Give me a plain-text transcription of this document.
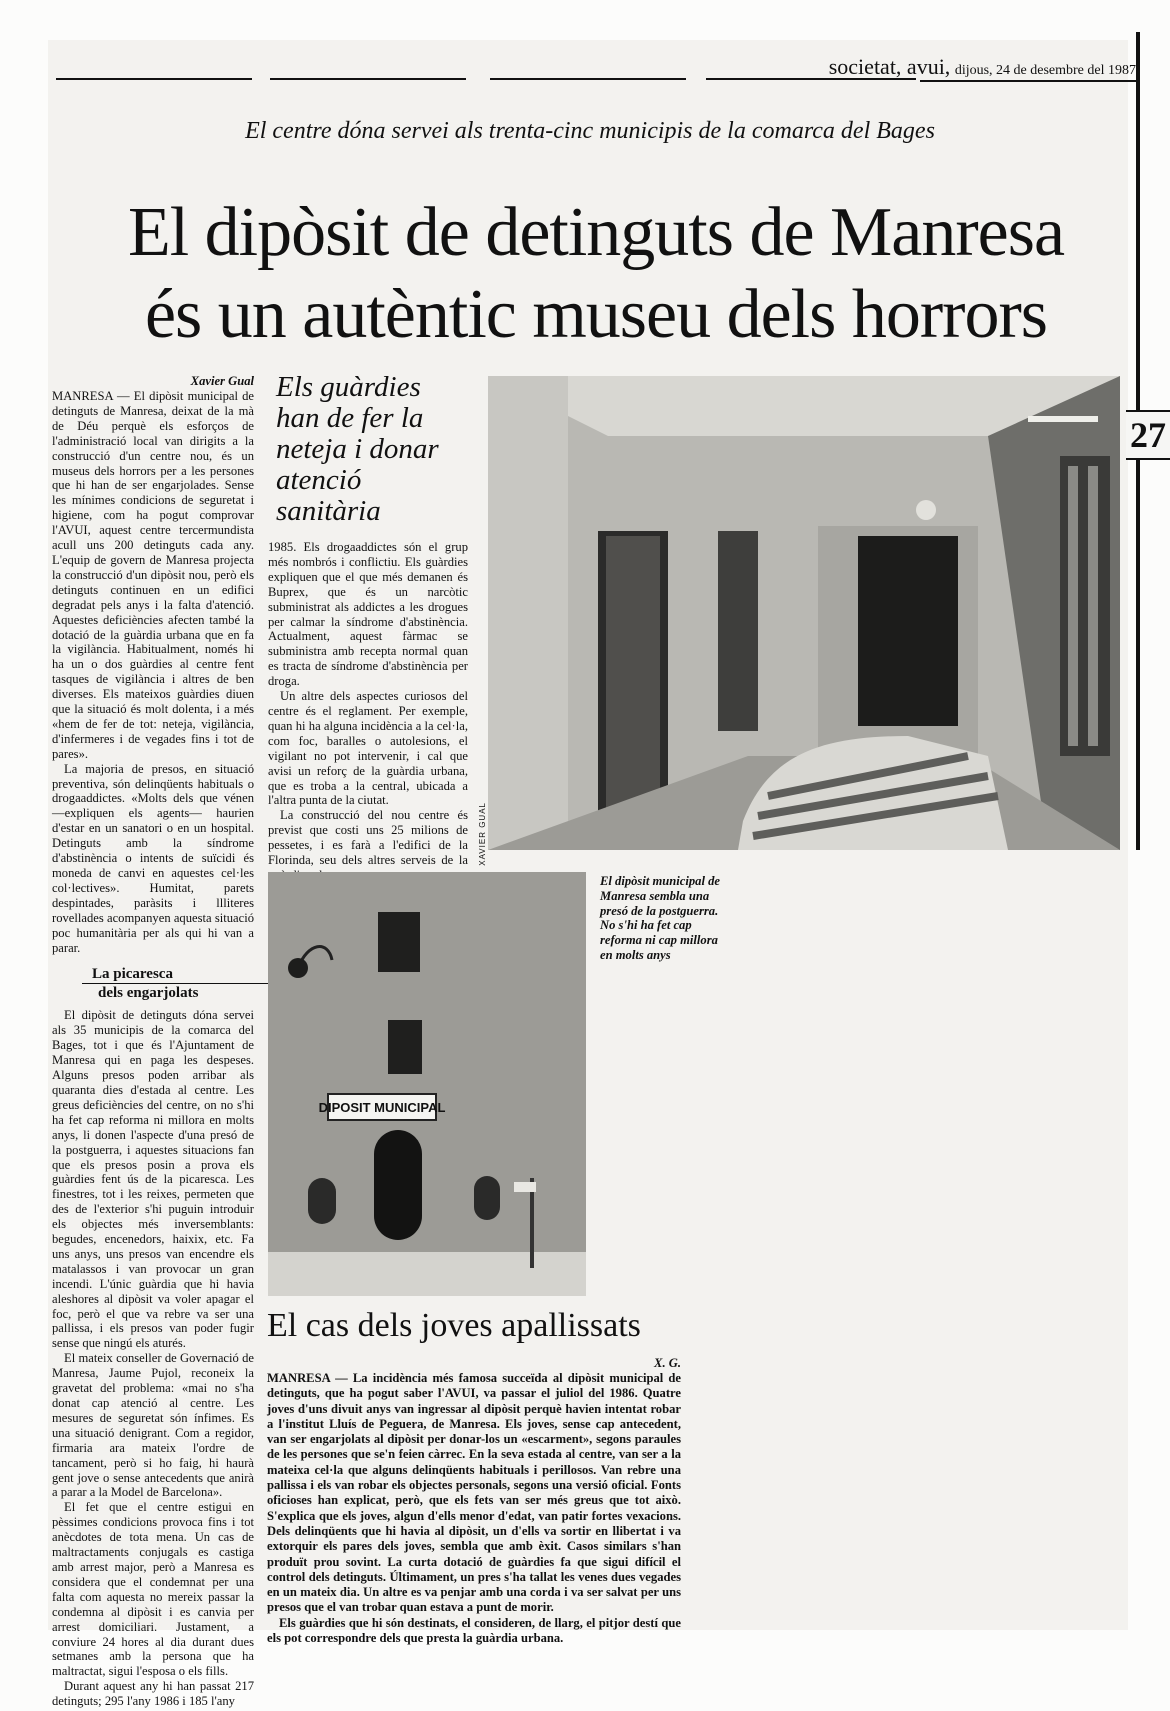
societat, avui, dijous, 24 de desembre del 1987
27
El centre dóna servei als trenta-cinc municipis de la comarca del Bages
El dipòsit de detinguts de Manresa
és un autèntic museu dels horrors
Xavier Gual

MANRESA — El dipòsit municipal de detinguts de Manresa, deixat de la mà de Déu perquè els esforços de l'administració local van dirigits a la construcció d'un centre nou, és un museus dels horrors per a les persones que hi han de ser engarjolades. Sense les mínimes condicions de seguretat i higiene, com ha pogut comprovar l'AVUI, aquest centre tercermundista acull uns 200 detinguts cada any. L'equip de govern de Manresa projecta la construcció d'un dipòsit nou, però els detinguts continuen en un edifici degradat pels anys i la falta d'atenció. Aquestes deficiències afecten també la dotació de la guàrdia urbana que en fa la vigilància. Habitualment, només hi ha un o dos guàrdies al centre fent tasques de vigilància i altres de ben diverses. Els mateixos guàrdies diuen que la situació és molt dolenta, i a més «hem de fer de tot: neteja, vigilància, d'infermeres i de vegades fins i tot de pares».

La majoria de presos, en situació preventiva, són delinqüents habituals o drogaaddictes. «Molts dels que vénen —expliquen els agents— haurien d'estar en un sanatori o en un hospital. Detinguts amb la síndrome d'abstinència o intents de suïcidi és moneda de canvi en aquestes cel·les col·lectives». Humitat, parets despintades, paràsits i llliteres rovellades acompanyen aquesta situació poc humanitària per als qui hi van a parar.

La picaresca
dels engarjolats

El dipòsit de detinguts dóna servei als 35 municipis de la comarca del Bages, tot i que és l'Ajuntament de Manresa qui en paga les despeses. Alguns presos poden arribar als quaranta dies d'estada al centre. Les greus deficiències del centre, on no s'hi ha fet cap reforma ni millora en molts anys, li donen l'aspecte d'una presó de la postguerra, i aquestes situacions fan que els presos posin a prova els guàrdies fent ús de la picaresca. Les finestres, tot i les reixes, permeten que des de l'exterior s'hi puguin introduir els objectes més inversemblants: begudes, encenedors, haixix, etc. Fa uns anys, uns presos van encendre els matalassos i van provocar un gran incendi. L'únic guàrdia que hi havia aleshores al dipòsit va voler apagar el foc, però el que va rebre va ser una pallissa, i els presos van poder fugir sense que ningú els aturés.

El mateix conseller de Governació de Manresa, Jaume Pujol, reconeix la gravetat del problema: «mai no s'ha donat cap atenció al centre. Les mesures de seguretat són ínfimes. Es una situació denigrant. Com a regidor, firmaria ara mateix l'ordre de tancament, però si ho faig, hi haurà gent jove o sense antecedents que anirà a parar a la Model de Barcelona».

El fet que el centre estigui en pèssimes condicions provoca fins i tot anècdotes de tota mena. Un cas de maltractaments conjugals es castiga amb arrest major, però a Manresa es considera que el condemnat per una falta com aquesta no mereix passar la condemna al dipòsit i es canvia per arrest domiciliari. Justament, a conviure 24 hores al dia durant dues setmanes amb la persona que ha maltractat, sigui l'esposa o els fills.

Durant aquest any hi han passat 217 detinguts; 295 l'any 1986 i 185 l'any

Els guàrdies han de fer la neteja i donar atenció sanitària

1985. Els drogaaddictes són el grup més nombrós i conflictiu. Els guàrdies expliquen que el que més demanen és Buprex, que és un narcòtic subministrat als addictes a les drogues per calmar la síndrome d'abstinència. Actualment, aquest fàrmac se subministra amb recepta normal quan es tracta de síndrome d'abstinència per droga.

Un altre dels aspectes curiosos del centre és el reglament. Per exemple, quan hi ha alguna incidència a la cel·la, com foc, baralles o autolesions, el vigilant no pot intervenir, i cal que avisi un reforç de la guàrdia urbana, que es troba a la central, ubicada a l'altra punta de la ciutat.

La construcció del nou centre és previst que costi uns 25 milions de pessetes, i es farà a l'edifici de la Florinda, seu dels altres serveis de la XAVIER GUAL
DIPOSIT MUNICIPAL
El dipòsit municipal de Manresa sembla una presó de la postguerra. No s'hi ha fet cap reforma ni cap millora en molts anys
El cas dels joves apallissats
X. G.

MANRESA — La incidència més famosa succeïda al dipòsit municipal de detinguts, que ha pogut saber l'AVUI, va passar el juliol del 1986. Quatre joves d'uns divuit anys van ingressar al dipòsit perquè havien intentat robar a l'institut Lluís de Peguera, de Manresa. Els joves, sense cap antecedent, van ser engarjolats al dipòsit per donar-los un «escarment», segons paraules de les persones que se'n feien càrrec. En la seva estada al centre, van ser a la mateixa cel·la que alguns delinqüents habituals i perillosos. Van rebre una pallissa i els van robar els objectes personals, segons una versió oficial. Fonts oficioses han explicat, però, que els fets van ser més greus que tot això. S'explica que els joves, algun d'ells menor d'edat, van patir fortes vexacions. Dels delinqüents que hi havia al dipòsit, un d'ells va sortir en llibertat i va extorquir els pares dels joves, sembla que amb èxit. Casos similars s'han produït prou sovint. La curta dotació de guàrdies fa que sigui difícil el control dels detinguts. Últimament, un pres s'ha tallat les venes dues vegades en un mateix dia. Un altre es va penjar amb una corda i va ser salvat per uns presos que el van trobar quan estava a punt de morir.

Els guàrdies que hi són destinats, el consideren, de llarg, el pitjor destí que els pot correspondre dels que presta la guàrdia urbana.
